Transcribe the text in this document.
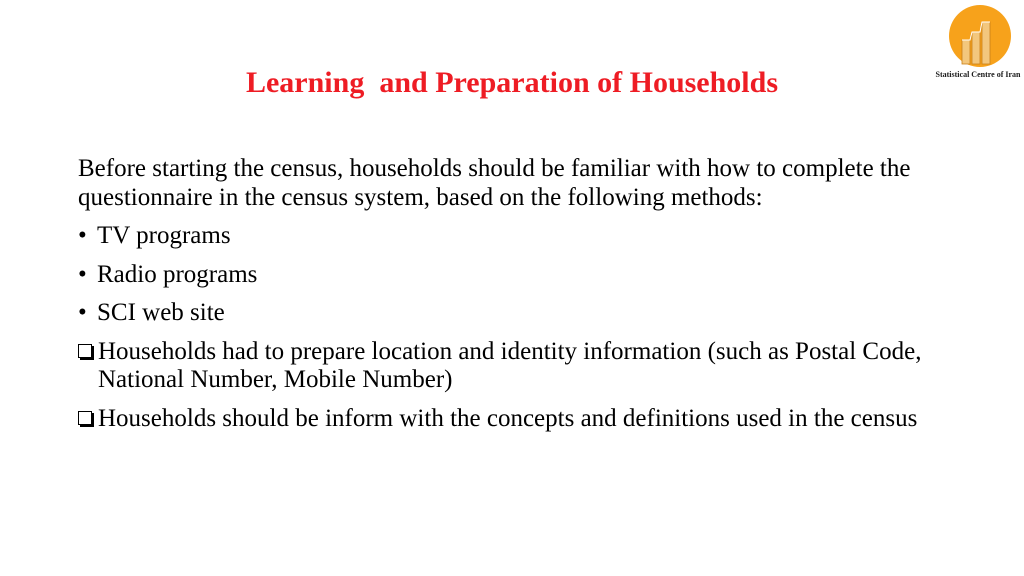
Statistical Centre of Iran
Learning  and Preparation of Households

Before starting the census, households should be familiar with how to complete the questionnaire in the census system, based on the following methods:

• TV programs
• Radio programs
• SCI web site
Households had to prepare location and identity information (such as Postal Code, National Number, Mobile Number)
Households should be inform with the concepts and definitions used in the census
